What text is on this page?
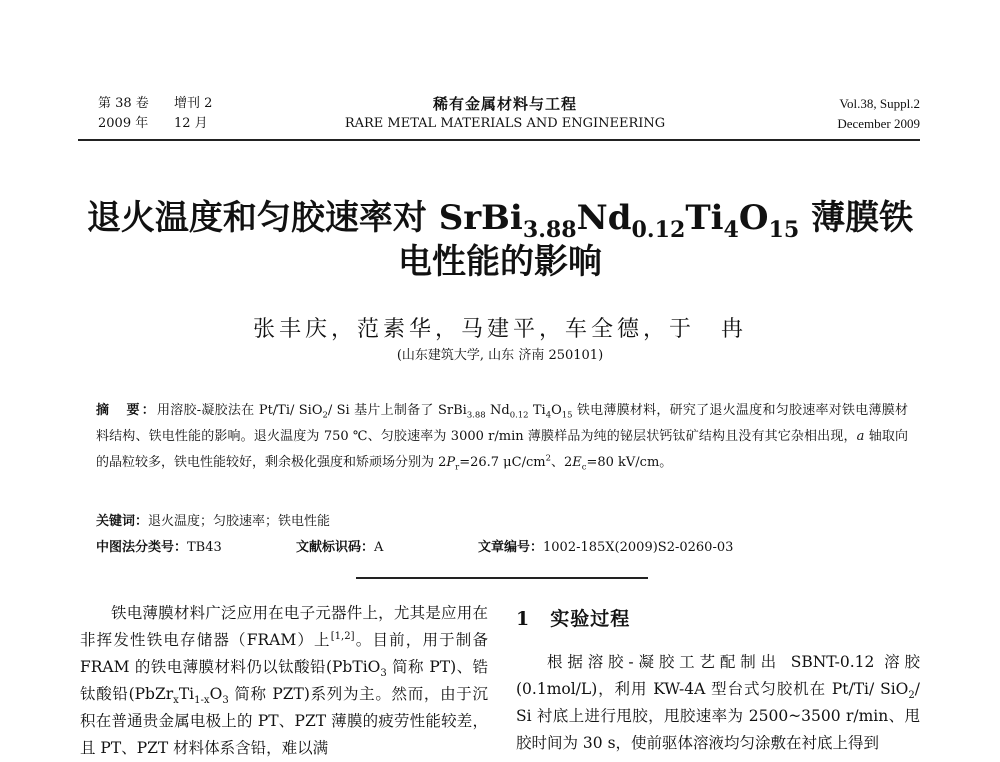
第 38 卷 增刊 2
2009 年 12 月
稀有金属材料与工程
RARE METAL MATERIALS AND ENGINEERING
Vol.38, Suppl.2
December 2009
退火温度和匀胶速率对 $SrBi_{3.88}Nd_{0.12}Ti_4O_{15}$ 薄膜铁
电性能的影响
张丰庆，范素华，马建平，车全德，于　冉
(山东建筑大学, 山东 济南 250101)
摘　要：用溶胶-凝胶法在 Pt/Ti/ SiO$_2$/ Si 基片上制备了 SrBi$_{3.88}$ $Nd_{0.12}$ $Ti_4O_{15}$ 铁电薄膜材料，研究了退火温度和匀胶速率对铁电薄膜材料结构、铁电性能的影响。退火温度为 750 ℃、匀胶速率为 3000 r/min 薄膜样品为纯的铋层状钙钛矿结构且没有其它杂相出现，a 轴取向的晶粒较多，铁电性能较好，剩余极化强度和矫顽场分别为 $2P_r=26.7$ $\mu C/cm^2$、$2E_c=80$ kV/cm。
关键词：退火温度；匀胶速率；铁电性能
中图法分类号：TB43	文献标识码：A	文章编号：1002-185X(2009)S2-0260-03

铁电薄膜材料广泛应用在电子元器件上，尤其是应用在非挥发性铁电存储器（FRAM）上[1,2]。目前，用于制备 FRAM 的铁电薄膜材料仍以钛酸铅(PbTiO$_3$ 简称 PT)、锆钛酸铅($PbZr_xTi_{1-x}O_3$ 简称 PZT)系列为主。然而，由于沉积在普通贵金属电极上的 PT、PZT 薄膜的疲劳性能较差，且 PT、PZT 材料体系含铅，难以满

1　实验过程

根据溶胶-凝胶工艺配制出 SBNT-0.12 溶胶(0.1mol/L)，利用 KW-4A 型台式匀胶机在 Pt/Ti/ SiO$_2$/ Si 衬底上进行甩胶，甩胶速率为 2500~3500 r/min、甩胶时间为 30 s，使前驱体溶液均匀涂敷在衬底上得到
